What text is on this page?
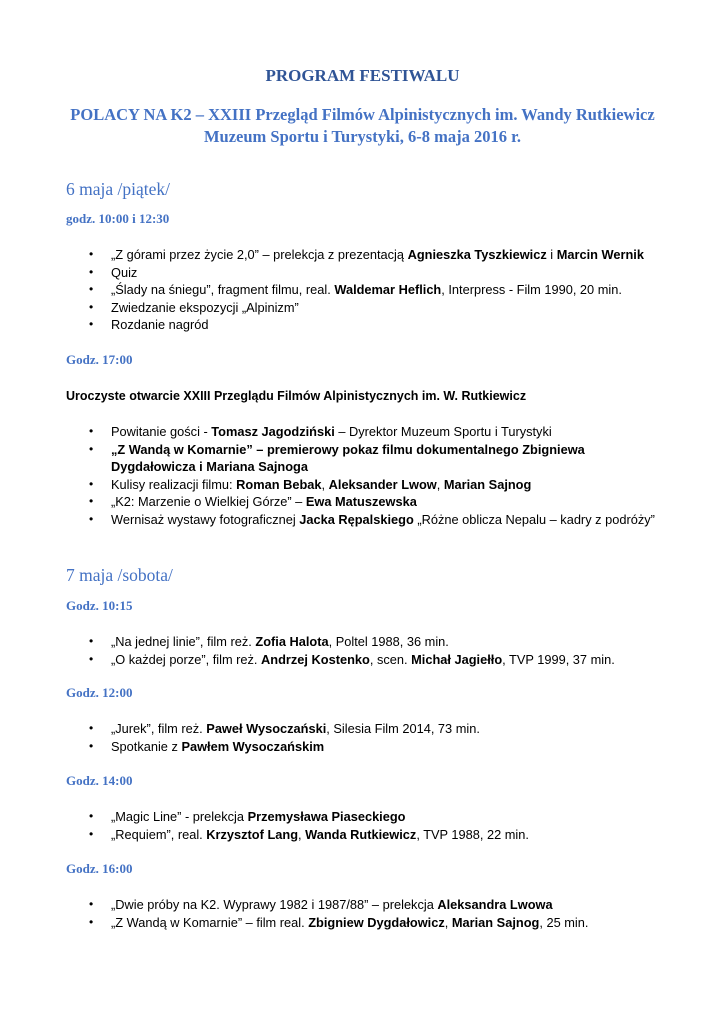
PROGRAM FESTIWALU
POLACY NA K2 – XXIII Przegląd Filmów Alpinistycznych im. Wandy Rutkiewicz
Muzeum Sportu i Turystyki, 6-8 maja 2016 r.
6 maja /piątek/
godz. 10:00 i 12:30
• „Z górami przez życie 2,0” – prelekcja z prezentacją Agnieszka Tyszkiewicz i Marcin Wernik
• Quiz
• „Ślady na śniegu”, fragment filmu, real. Waldemar Heflich, Interpress - Film 1990, 20 min.
• Zwiedzanie ekspozycji „Alpinizm”
• Rozdanie nagród
Godz. 17:00
Uroczyste otwarcie XXIII Przeglądu Filmów Alpinistycznych im. W. Rutkiewicz
• Powitanie gości - Tomasz Jagodziński – Dyrektor Muzeum Sportu i Turystyki
• „Z Wandą w Komarnie” – premierowy pokaz filmu dokumentalnego Zbigniewa Dygdałowicza i Mariana Sajnoga
• Kulisy realizacji filmu: Roman Bebak, Aleksander Lwow, Marian Sajnog
• „K2: Marzenie o Wielkiej Górze” – Ewa Matuszewska
• Wernisaż wystawy fotograficznej Jacka Rępalskiego „Różne oblicza Nepalu – kadry z podróży”
7 maja /sobota/
Godz. 10:15
• „Na jednej linie”, film reż. Zofia Halota, Poltel 1988, 36 min.
• „O każdej porze”, film reż. Andrzej Kostenko, scen. Michał Jagiełło, TVP 1999, 37 min.
Godz. 12:00
• „Jurek”, film reż. Paweł Wysoczański, Silesia Film 2014, 73 min.
• Spotkanie z Pawłem Wysoczańskim
Godz. 14:00
• „Magic Line” - prelekcja Przemysława Piaseckiego
• „Requiem”, real. Krzysztof Lang, Wanda Rutkiewicz, TVP 1988, 22 min.
Godz. 16:00
• „Dwie próby na K2. Wyprawy 1982 i 1987/88” – prelekcja Aleksandra Lwowa
• „Z Wandą w Komarnie” – film real. Zbigniew Dygdałowicz, Marian Sajnog, 25 min.
